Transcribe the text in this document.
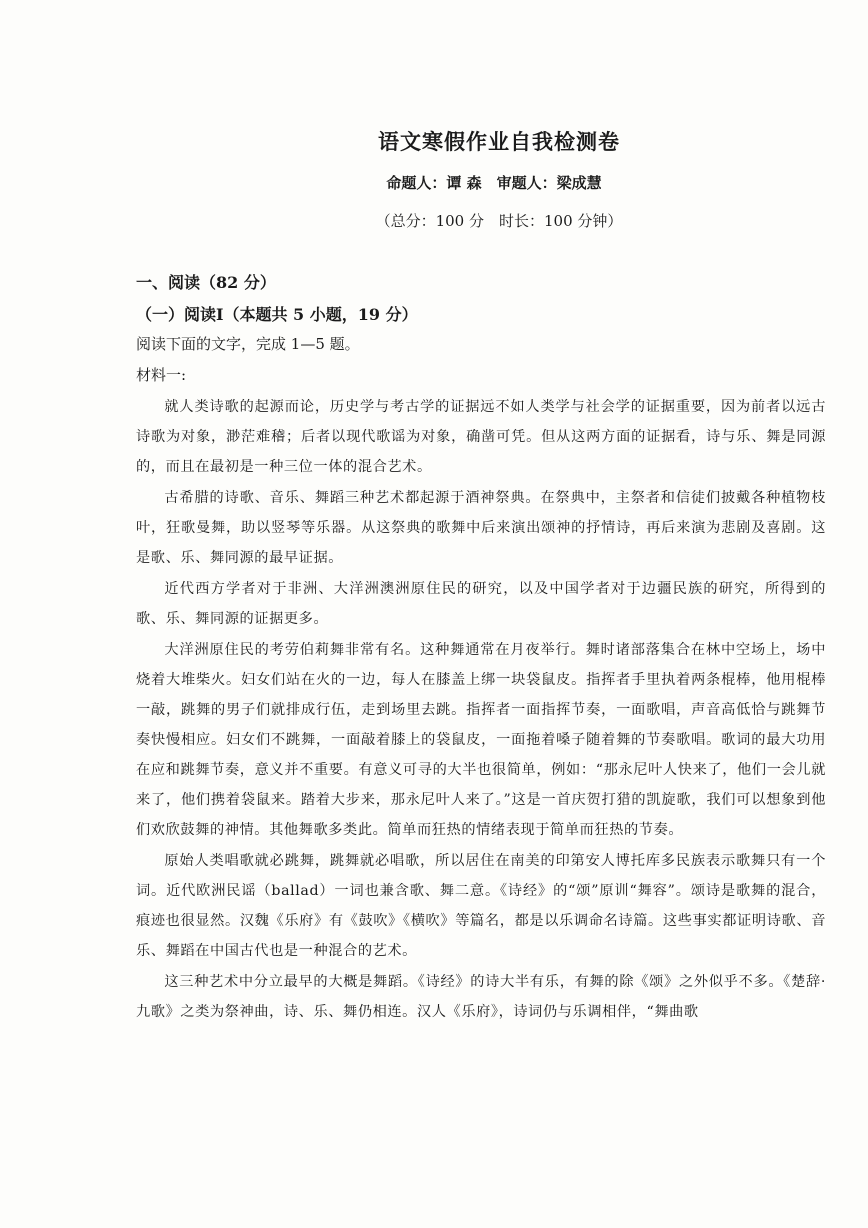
语文寒假作业自我检测卷
命题人：谭 森　审题人：梁成慧
（总分：100 分　时长：100 分钟）
一、阅读（82 分）
（一）阅读Ⅰ（本题共 5 小题，19 分）
阅读下面的文字，完成 1—5 题。
材料一:

就人类诗歌的起源而论，历史学与考古学的证据远不如人类学与社会学的证据重要，因为前者以远古诗歌为对象，渺茫难稽；后者以现代歌谣为对象，确凿可凭。但从这两方面的证据看，诗与乐、舞是同源的，而且在最初是一种三位一体的混合艺术。

古希腊的诗歌、音乐、舞蹈三种艺术都起源于酒神祭典。在祭典中，主祭者和信徒们披戴各种植物枝叶，狂歌曼舞，助以竖琴等乐器。从这祭典的歌舞中后来演出颂神的抒情诗，再后来演为悲剧及喜剧。这是歌、乐、舞同源的最早证据。

近代西方学者对于非洲、大洋洲澳洲原住民的研究，以及中国学者对于边疆民族的研究，所得到的歌、乐、舞同源的证据更多。

大洋洲原住民的考劳伯莉舞非常有名。这种舞通常在月夜举行。舞时诸部落集合在林中空场上，场中烧着大堆柴火。妇女们站在火的一边，每人在膝盖上绑一块袋鼠皮。指挥者手里执着两条棍棒，他用棍棒一敲，跳舞的男子们就排成行伍，走到场里去跳。指挥者一面指挥节奏，一面歌唱，声音高低恰与跳舞节奏快慢相应。妇女们不跳舞，一面敲着膝上的袋鼠皮，一面拖着嗓子随着舞的节奏歌唱。歌词的最大功用在应和跳舞节奏，意义并不重要。有意义可寻的大半也很简单，例如：“那永尼叶人快来了，他们一会儿就来了，他们携着袋鼠来。踏着大步来，那永尼叶人来了。”这是一首庆贺打猎的凯旋歌，我们可以想象到他们欢欣鼓舞的神情。其他舞歌多类此。简单而狂热的情绪表现于简单而狂热的节奏。

原始人类唱歌就必跳舞，跳舞就必唱歌，所以居住在南美的印第安人博托库多民族表示歌舞只有一个词。近代欧洲民谣（ballad）一词也兼含歌、舞二意。《诗经》的“颂”原训“舞容”。颂诗是歌舞的混合，痕迹也很显然。汉魏《乐府》有《鼓吹》《横吹》等篇名，都是以乐调命名诗篇。这些事实都证明诗歌、音乐、舞蹈在中国古代也是一种混合的艺术。

这三种艺术中分立最早的大概是舞蹈。《诗经》的诗大半有乐，有舞的除《颂》之外似乎不多。《楚辞·九歌》之类为祭神曲，诗、乐、舞仍相连。汉人《乐府》，诗词仍与乐调相伴，“舞曲歌
